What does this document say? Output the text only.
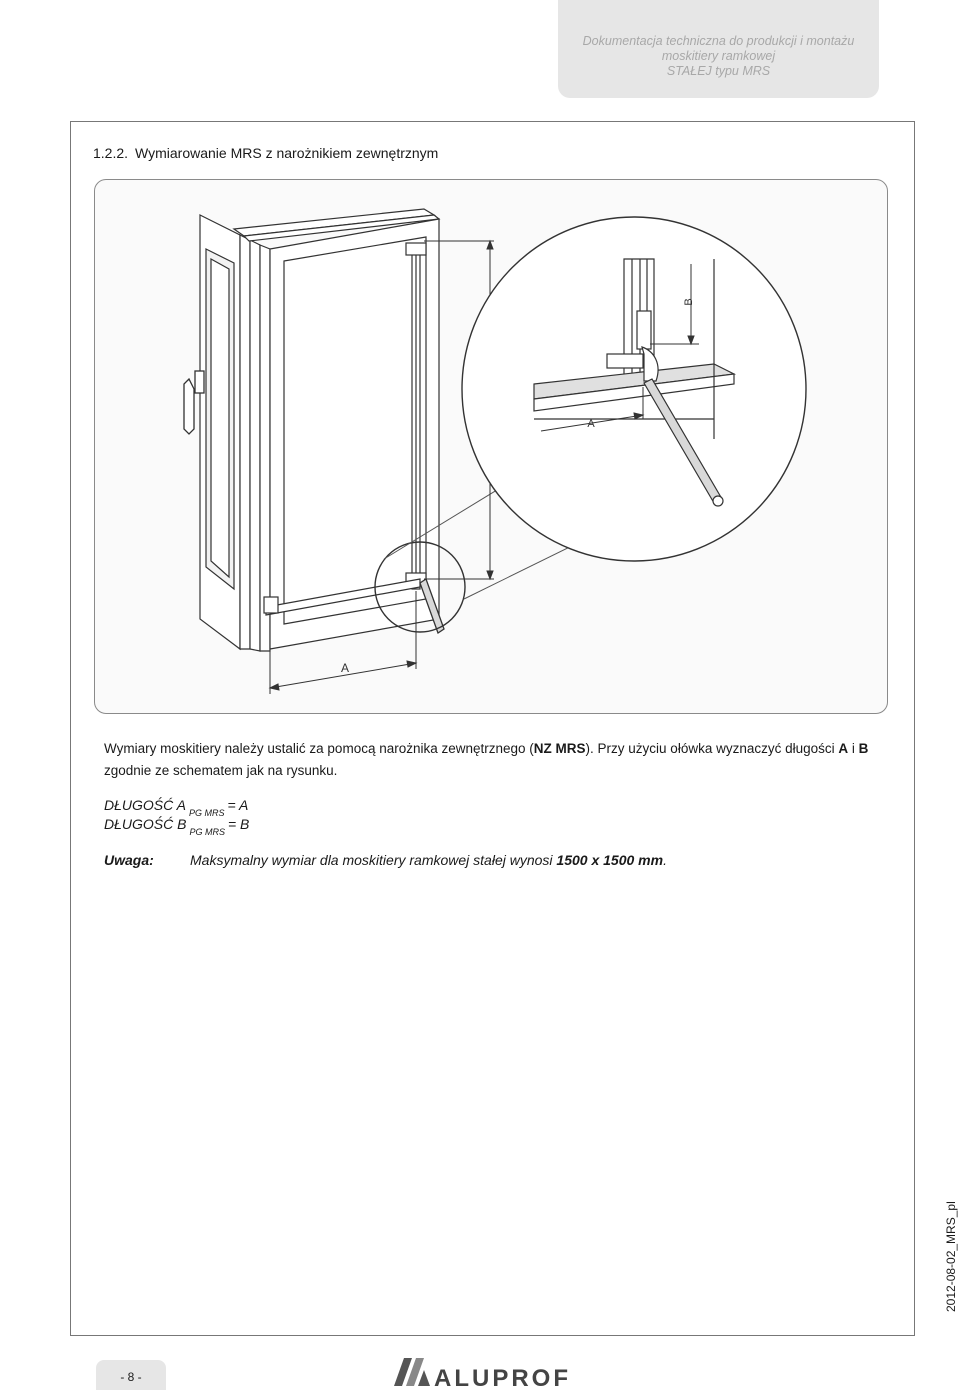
Dokumentacja techniczna do produkcji i montażu
moskitiery ramkowej
STAŁEJ typu MRS
1.2.2. Wymiarowanie MRS z narożnikiem zewnętrznym
A
B
A
Wymiary moskitiery należy ustalić za pomocą narożnika zewnętrznego (NZ MRS). Przy użyciu ołówka wyznaczyć długości A i B zgodnie ze schematem jak na rysunku.
DŁUGOŚĆ A $_{PG MRS}$ = A
DŁUGOŚĆ B $_{PG MRS}$ = B
Uwaga:	Maksymalny wymiar dla moskitiery ramkowej stałej wynosi 1500 x 1500 mm.
2012-08-02_MRS_pl
- 8 -	ALUPROF
